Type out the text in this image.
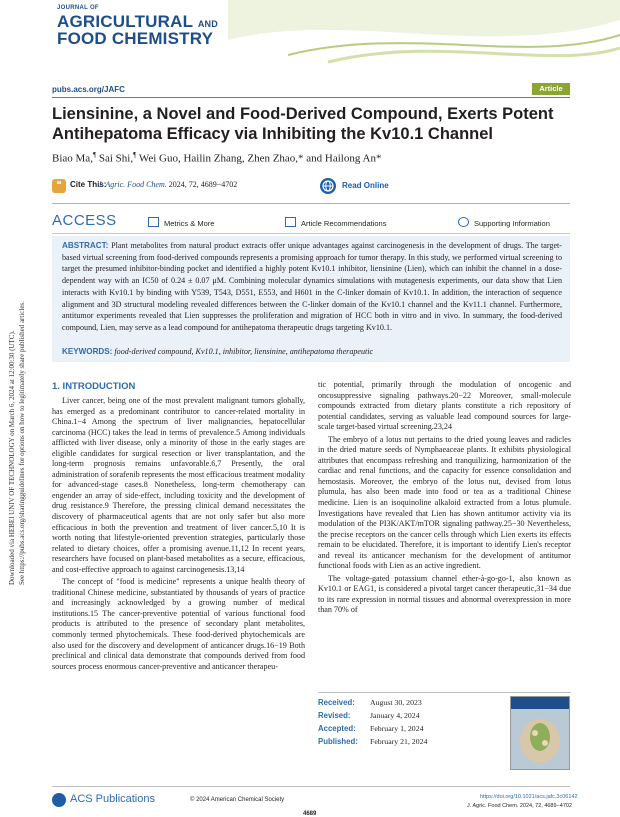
JOURNAL OF
AGRICULTURAL AND
FOOD CHEMISTRY
pubs.acs.org/JAFC	Article
Liensinine, a Novel and Food-Derived Compound, Exerts Potent Antihepatoma Efficacy via Inhibiting the Kv10.1 Channel
Biao Ma,¶ Sai Shi,¶ Wei Guo, Hailin Zhang, Zhen Zhao,* and Hailong An*
❝	Cite This:
J. Agric. Food Chem. 2024, 72, 4689−4702	Read Online
ACCESS	Metrics & More	Article Recommendations	Supporting Information
ABSTRACT: Plant metabolites from natural product extracts offer unique advantages against carcinogenesis in the development of drugs. The target-based virtual screening from food-derived compounds represents a promising approach for tumor therapy. In this study, we performed virtual screening to target the presumed inhibitor-binding pocket and identified a highly potent Kv10.1 inhibitor, liensinine (Lien), which can inhibit the channel in a dose-dependent way with an IC50 of 0.24 ± 0.07 μM. Combining molecular dynamics simulations with mutagenesis experiments, our data show that Lien interacts with Kv10.1 by binding with Y539, T543, D551, E553, and H601 in the C-linker domain of Kv10.1. In addition, the interaction of sequence alignment and 3D structural modeling revealed differences between the C-linker domain of the Kv10.1 channel and the Kv11.1 channel. Furthermore, antitumor experiments revealed that Lien suppresses the proliferation and migration of HCC both in vitro and in vivo. In summary, the food-derived compound, Lien, may serve as a lead compound for antihepatoma therapeutic drugs targeting Kv10.1.
KEYWORDS: food-derived compound, Kv10.1, inhibitor, liensinine, antihepatoma therapeutic
Downloaded via HEBEI UNIV OF TECHNOLOGY on March 6, 2024 at 12:00:30 (UTC). See https://pubs.acs.org/sharingguidelines for options on how to legitimately share published articles.	1. INTRODUCTION

Liver cancer, being one of the most prevalent malignant tumors globally, has emerged as a predominant contributor to cancer-related mortality in China.1−4 Among the spectrum of liver malignancies, hepatocellular carcinoma (HCC) takes the lead in terms of prevalence.5 Among individuals afflicted with liver disease, only a minority of those in the early stages are eligible candidates for surgical resection or liver transplantation, and the long-term prognosis remains unfavorable.6,7 Presently, the oral administration of sorafenib represents the most efficacious treatment modality for advanced-stage cases.8 Nonetheless, long-term chemotherapy can engender an array of side-effect, including toxicity and the development of drug resistance.9 Therefore, the pressing clinical demand necessitates the discovery of pharmaceutical agents that are not only safer but also more efficacious in both the prevention and treatment of liver cancer.5,10 It is worth noting that lifestyle-oriented prevention strategies, particularly those related to dietary choices, offer a promising avenue.11,12 In recent years, researchers have focused on plant-based metabolites as a secure, efficacious, and cost-effective approach to against carcinogenesis.13,14

The concept of "food is medicine" represents a unique health theory of traditional Chinese medicine, substantiated by thousands of years of practice and increasingly acknowledged by a growing number of medical institutions.15 The cancer-preventive potential of various functional food products is attributed to the presence of secondary plant metabolites, commonly termed phytochemicals. These food-derived phytochemicals are also used for the discovery and development of anticancer drugs.16−19 Both preclinical and clinical data demonstrate that compounds derived from food sources process enormous cancer-preventive and anticancer therapeu-

tic potential, primarily through the modulation of oncogenic and oncosuppressive signaling pathways.20−22 Moreover, small-molecule compounds extracted from dietary plants constitute a rich repository of potential candidates, serving as valuable lead compound sources for large-scale target-based virtual screening.23,24

The embryo of a lotus nut pertains to the dried young leaves and radicles in the dried mature seeds of Nymphaeaceae plants. It exhibits physiological attributes that encompass refreshing and tranquilizing, harmonization of the cardiac and renal functions, and the capacity for essence consolidation and hemostasis. Moreover, the embryo of the lotus nut, devised from lotus plumula, has also been made into food or tea as a traditional Chinese medicine. Lien is an isoquinoline alkaloid extracted from a lotus plumule. Investigations have revealed that Lien has shown antitumor activity via its modulation of the PI3K/AKT/mTOR signaling pathway.25−30 Nevertheless, the precise receptors on the cancer cells through which Lien exerts its effects remain to be elucidated. Therefore, it is important to identify Lien's receptor and reveal its anticancer mechanism for the development of antitumor functional foods with Lien as an active ingredient.

The voltage-gated potassium channel ether-à-go-go-1, also known as Kv10.1 or EAG1, is considered a pivotal target cancer therapeutic,31−34 due to its rare expression in normal tissues and abnormal overexpression in more than 70% of

Received: August 30, 2023
Revised: January 4, 2024
Accepted: February 1, 2024
Published: February 21, 2024
ACS Publications	© 2024 American Chemical Society
4689
https://doi.org/10.1021/acs.jafc.3c06142
J. Agric. Food Chem. 2024, 72, 4689−4702
